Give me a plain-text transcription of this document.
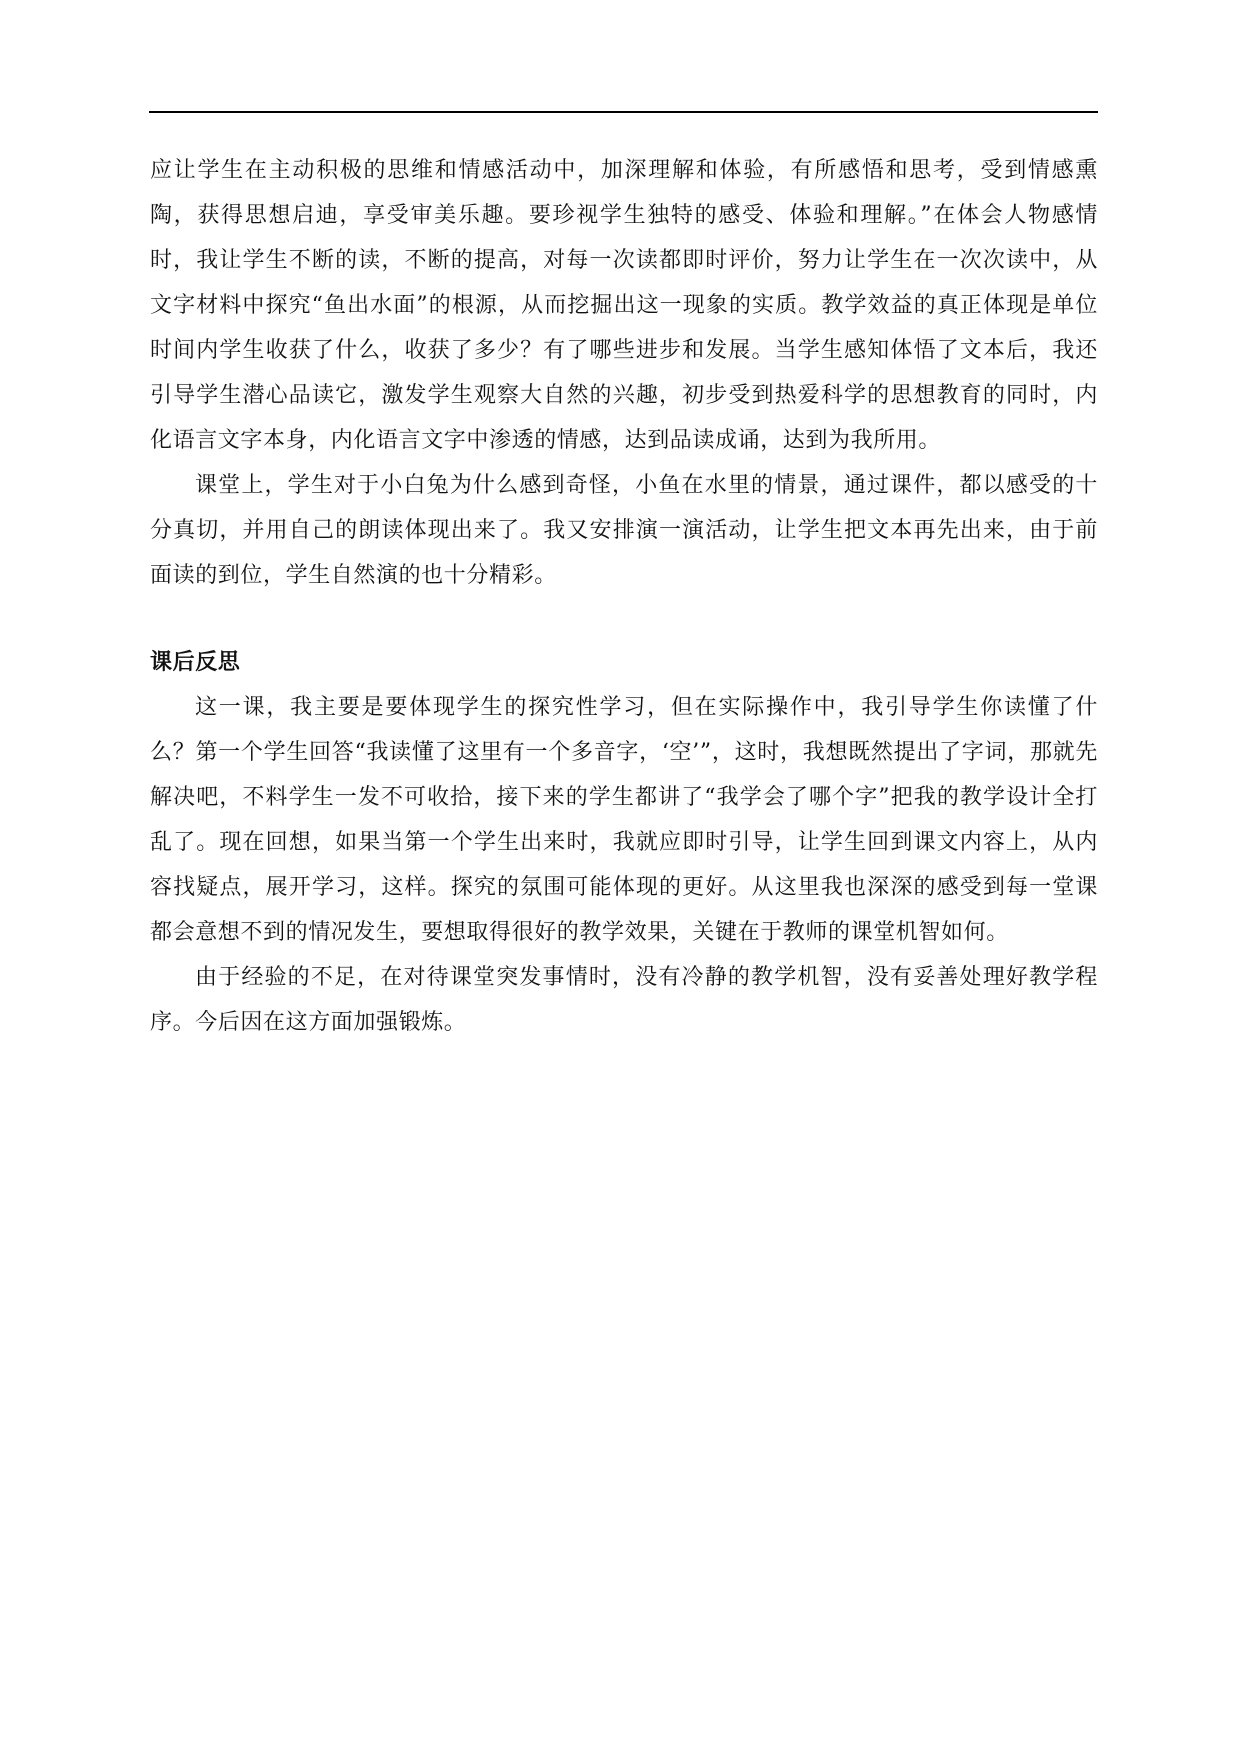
应让学生在主动积极的思维和情感活动中，加深理解和体验，有所感悟和思考，受到情感熏陶，获得思想启迪，享受审美乐趣。要珍视学生独特的感受、体验和理解。”在体会人物感情时，我让学生不断的读，不断的提高，对每一次读都即时评价，努力让学生在一次次读中，从文字材料中探究“鱼出水面”的根源，从而挖掘出这一现象的实质。教学效益的真正体现是单位时间内学生收获了什么，收获了多少？有了哪些进步和发展。当学生感知体悟了文本后，我还引导学生潜心品读它，激发学生观察大自然的兴趣，初步受到热爱科学的思想教育的同时，内化语言文字本身，内化语言文字中渗透的情感，达到品读成诵，达到为我所用。

课堂上，学生对于小白兔为什么感到奇怪，小鱼在水里的情景，通过课件，都以感受的十分真切，并用自己的朗读体现出来了。我又安排演一演活动，让学生把文本再先出来，由于前面读的到位，学生自然演的也十分精彩。

课后反思

这一课，我主要是要体现学生的探究性学习，但在实际操作中，我引导学生你读懂了什么？第一个学生回答“我读懂了这里有一个多音字，‘空’”，这时，我想既然提出了字词，那就先解决吧，不料学生一发不可收拾，接下来的学生都讲了“我学会了哪个字”把我的教学设计全打乱了。现在回想，如果当第一个学生出来时，我就应即时引导，让学生回到课文内容上，从内容找疑点，展开学习，这样。探究的氛围可能体现的更好。从这里我也深深的感受到每一堂课都会意想不到的情况发生，要想取得很好的教学效果，关键在于教师的课堂机智如何。

由于经验的不足，在对待课堂突发事情时，没有冷静的教学机智，没有妥善处理好教学程序。今后因在这方面加强锻炼。
